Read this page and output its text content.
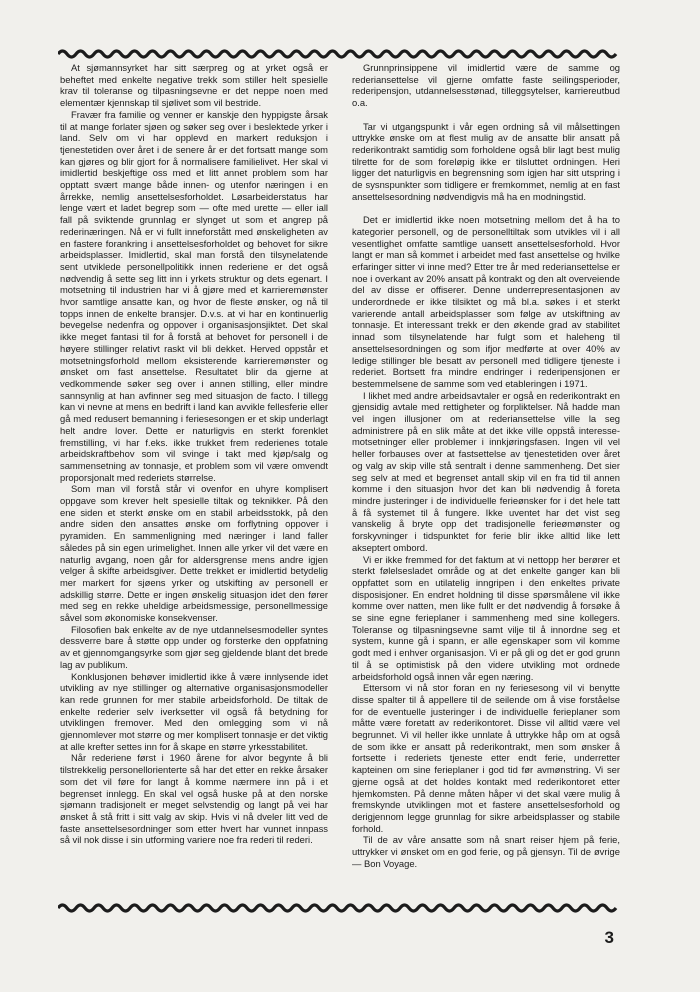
At sjømannsyrket har sitt særpreg og at yrket også er beheftet med enkelte negative trekk som stiller helt spesielle krav til toleranse og tilpasningsevne er det neppe noen med elementær kjennskap til sjølivet som vil bestride.

Fravær fra familie og venner er kanskje den hyppigste årsak til at mange forlater sjøen og søker seg over i beslektede yrker i land. Selv om vi har opplevd en markert reduksjon i tjenestetiden over året i de senere år er det fortsatt mange som kan gjøres og blir gjort for å normalisere familielivet. Her skal vi imidlertid beskjeftige oss med et litt annet problem som har opptatt svært mange både innen- og utenfor næringen i en årrekke, nemlig ansettelsesforholdet. Løsarbeiderstatus har lenge vært et ladet begrep som — ofte med urette — eller iall fall på sviktende grunnlag er slynget ut som et angrep på rederinæringen. Nå er vi fullt inneforstått med ønskeligheten av en fastere forankring i ansettelsesforholdet og behovet for sikre arbeidsplasser. Imidlertid, skal man forstå den tilsynelatende sent utviklede personellpolitikk innen rederiene er det også nødvendig å sette seg litt inn i yrkets struktur og dets egenart. I motsetning til industrien har vi å gjøre med et karrieremønster hvor samtlige ansatte kan, og hvor de fleste ønsker, og nå til topps innen de enkelte bransjer. D.v.s. at vi har en kontinuerlig bevegelse nedenfra og oppover i organisasjonsjiktet. Det skal ikke meget fantasi til for å forstå at behovet for personell i de høyere stillinger relativt raskt vil bli dekket. Herved oppstår et motsetningsforhold mellom eksisterende karrieremønster og ønsket om fast ansettelse. Resultatet blir da gjerne at vedkommende søker seg over i annen stilling, eller mindre sannsynlig at han avfinner seg med situasjon de facto. I tillegg kan vi nevne at mens en bedrift i land kan avvikle fellesferie eller gå med redusert bemanning i feriesesongen er et skip underlagt helt andre lover. Dette er naturligvis en sterkt forenklet fremstilling, vi har f.eks. ikke trukket frem rederienes totale arbeidskraftbehov som vil svinge i takt med kjøp/salg og sammensetning av tonnasje, et problem som vil være omvendt proporsjonalt med rederiets størrelse.

Som man vil forstå står vi ovenfor en uhyre komplisert oppgave som krever helt spesielle tiltak og teknikker. På den ene siden et sterkt ønske om en stabil arbeidsstokk, på den andre siden den ansattes ønske om forflytning oppover i pyramiden. En sammenligning med næringer i land faller således på sin egen urimelighet. Innen alle yrker vil det være en naturlig avgang, noen går for aldersgrense mens andre igjen velger å skifte arbeidsgiver. Dette trekket er imidlertid betydelig mer markert for sjøens yrker og utskifting av personell er adskillig større. Dette er ingen ønskelig situasjon idet den fører med seg en rekke uheldige arbeidsmessige, personellmessige såvel som økonomiske konsekvenser.

Filosofien bak enkelte av de nye utdannelsesmodeller syntes dessverre bare å støtte opp under og forsterke den oppfatning av et gjennomgangsyrke som gjør seg gjeldende blant det brede lag av publikum.

Konklusjonen behøver imidlertid ikke å være innlysende idet utvikling av nye stillinger og alternative organisasjonsmodeller kan rede grunnen for mer stabile arbeidsforhold. De tiltak de enkelte rederier selv iverksetter vil også få betydning for utviklingen fremover. Med den omlegging som vi nå gjennomlever mot større og mer komplisert tonnasje er det viktig at alle krefter settes inn for å skape en større yrkesstabilitet.

Når rederiene først i 1960 årene for alvor begynte å bli tilstrekkelig personellorienterte så har det etter en rekke årsaker som det vil føre for langt å komme nærmere inn på i et begrenset innlegg. En skal vel også huske på at den norske sjømann tradisjonelt er meget selvstendig og langt på vei har ønsket å stå fritt i sitt valg av skip. Hvis vi nå dveler litt ved de faste ansettelsesordninger som etter hvert har vunnet innpass så vil nok disse i sin utforming variere noe fra rederi til rederi.

Grunnprinsippene vil imidlertid være de samme og rederiansettelse vil gjerne omfatte faste seilingsperioder, rederipensjon, utdannelsesstønad, tilleggsytelser, karriereutbud o.a.

Tar vi utgangspunkt i vår egen ordning så vil målsettingen uttrykke ønske om at flest mulig av de ansatte blir ansatt på rederikontrakt samtidig som forholdene også blir lagt best mulig tilrette for de som foreløpig ikke er tilsluttet ordningen. Heri ligger det naturligvis en begrensning som igjen har sitt utspring i de sysnspunkter som tidligere er fremkommet, nemlig at en fast ansettelsesordning nødvendigvis må ha en modningstid.

Det er imidlertid ikke noen motsetning mellom det å ha to kategorier personell, og de personelltiltak som utvikles vil i all vesentlighet omfatte samtlige uansett ansettelsesforhold. Hvor langt er man så kommet i arbeidet med fast ansettelse og hvilke erfaringer sitter vi inne med? Etter tre år med rederiansettelse er noe i overkant av 20% ansatt på kontrakt og den alt overveiende del av disse er offiserer. Denne underrepresentasjonen av underordnede er ikke tilsiktet og må bl.a. søkes i et sterkt varierende antall arbeidsplasser som følge av utskiftning av tonnasje. Et interessant trekk er den økende grad av stabilitet innad som tilsynelatende har fulgt som et haleheng til ansettelsesordningen og som ifjor medførte at over 40% av ledige stillinger ble besatt av personell med tidligere tjeneste i rederiet. Bortsett fra mindre endringer i rederipensjonen er bestemmelsene de samme som ved etableringen i 1971.

I likhet med andre arbeidsavtaler er også en rederikontrakt en gjensidig avtale med rettigheter og forpliktelser. Nå hadde man vel ingen illusjoner om at rederiansettelse ville la seg administrere på en slik måte at det ikke ville oppstå interesse-motsetninger eller problemer i innkjøringsfasen. Ingen vil vel heller forbauses over at fastsettelse av tjenestetiden over året og valg av skip ville stå sentralt i denne sammenheng. Det sier seg selv at med et begrenset antall skip vil en fra tid til annen komme i den situasjon hvor det kan bli nødvendig å foreta mindre justeringer i de individuelle ferieønsker for i det hele tatt å få systemet til å fungere. Ikke uventet har det vist seg vanskelig å bryte opp det tradisjonelle ferieømønster og forskyvninger i tidspunktet for ferie blir ikke alltid like lett akseptert ombord.

Vi er ikke fremmed for det faktum at vi nettopp her berører et sterkt følelsesladet område og at det enkelte ganger kan bli oppfattet som en utilatelig inngripen i den enkeltes private disposisjoner. En endret holdning til disse spørsmålene vil ikke komme over natten, men like fullt er det nødvendig å forsøke å se sine egne ferieplaner i sammenheng med sine kollegers. Toleranse og tilpasningsevne samt vilje til å innordne seg et system, kunne gå i spann, er alle egenskaper som vil komme godt med i enhver organisasjon. Vi er på gli og det er god grunn til å se optimistisk på den videre utvikling mot ordnede arbeidsforhold også innen vår egen næring.

Ettersom vi nå stor foran en ny feriesesong vil vi benytte disse spalter til å appellere til de seilende om å vise forståelse for de eventuelle justeringer i de individuelle ferieplaner som måtte være foretatt av rederikontoret. Disse vil alltid være vel begrunnet. Vi vil heller ikke unnlate å uttrykke håp om at også de som ikke er ansatt på rederikontrakt, men som ønsker å fortsette i rederiets tjeneste etter endt ferie, underretter kapteinen om sine ferieplaner i god tid før avmønstring. Vi ser gjerne også at det holdes kontakt med rederikontoret etter hjemkomsten. På denne måten håper vi det skal være mulig å fremskynde utviklingen mot et fastere ansettelsesforhold og derigjennom legge grunnlag for sikre arbeidsplasser og stabile forhold.

Til de av våre ansatte som nå snart reiser hjem på ferie, uttrykker vi ønsket om en god ferie, og på gjensyn. Til de øvrige — Bon Voyage.

3
